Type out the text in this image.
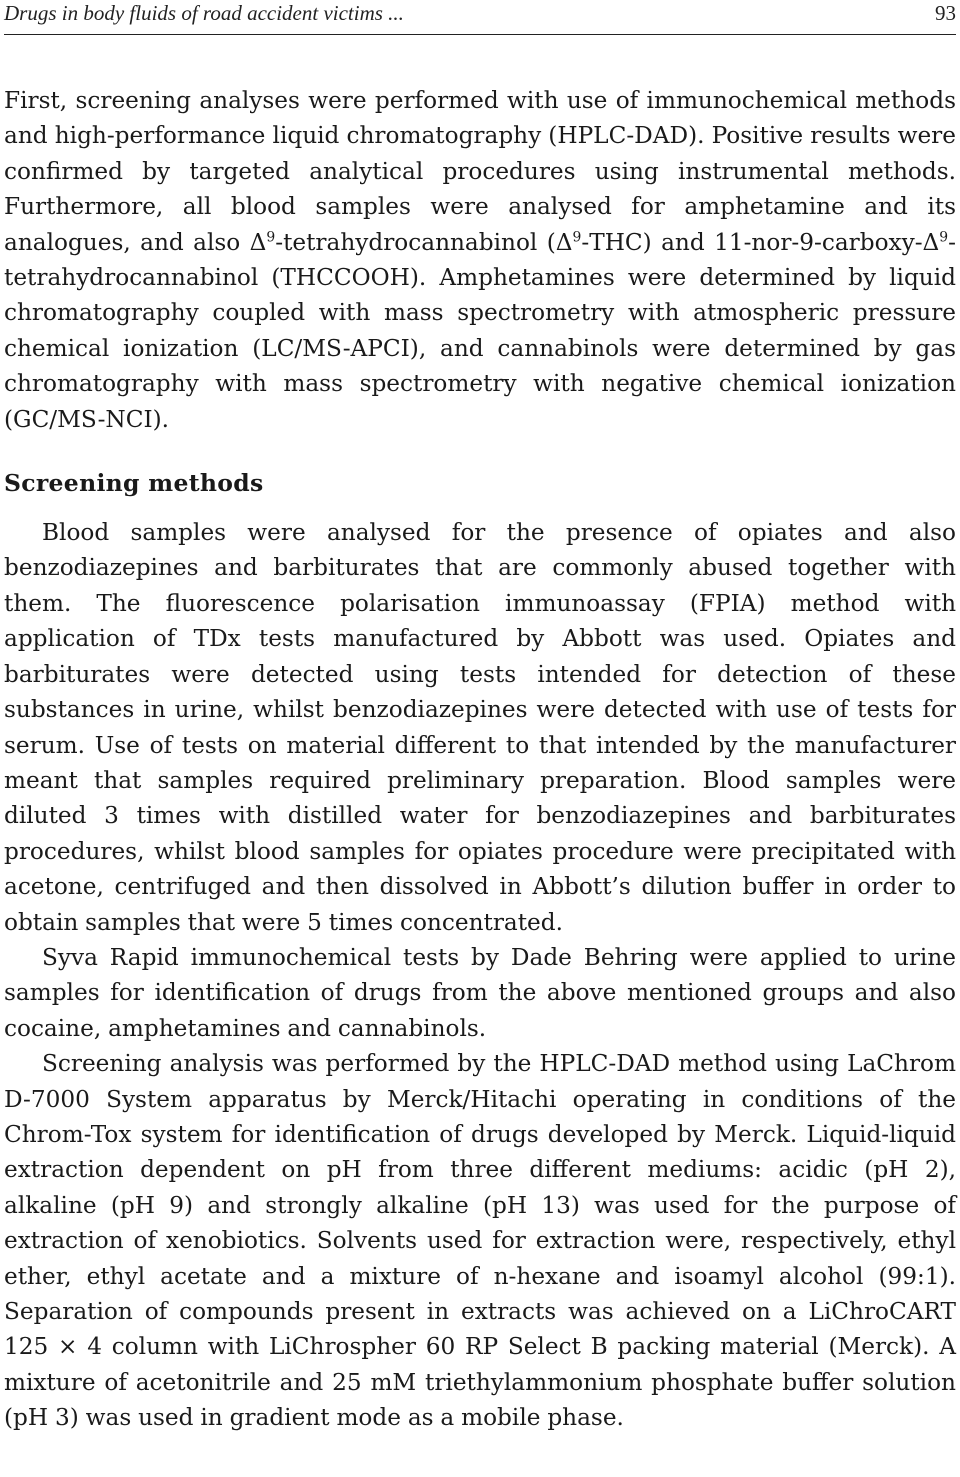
Drugs in body fluids of road accident victims ...	93

First, screening analyses were performed with use of immunochemical methods and high-performance liquid chromatography (HPLC-DAD). Positive results were confirmed by targeted analytical procedures using instrumental methods. Furthermore, all blood samples were analysed for amphetamine and its analogues, and also $\Delta^9$-tetrahydrocannabinol $(\Delta^9-THC)$ and $11-nor-9-carboxy-\Delta^9$-tetrahydrocannabinol (THCCOOH). Amphetamines were determined by liquid chromatography coupled with mass spectrometry with atmospheric pressure chemical ionization (LC/MS-APCI), and cannabinols were determined by gas chromatography with mass spectrometry with negative chemical ionization (GC/MS-NCI).

Screening methods

Blood samples were analysed for the presence of opiates and also benzodiazepines and barbiturates that are commonly abused together with them. The fluorescence polarisation immunoassay (FPIA) method with application of TDx tests manufactured by Abbott was used. Opiates and barbiturates were detected using tests intended for detection of these substances in urine, whilst benzodiazepines were detected with use of tests for serum. Use of tests on material different to that intended by the manufacturer meant that samples required preliminary preparation. Blood samples were diluted 3 times with distilled water for benzodiazepines and barbiturates procedures, whilst blood samples for opiates procedure were precipitated with acetone, centrifuged and then dissolved in Abbott’s dilution buffer in order to obtain samples that were 5 times concentrated.

Syva Rapid immunochemical tests by Dade Behring were applied to urine samples for identification of drugs from the above mentioned groups and also cocaine, amphetamines and cannabinols.

Screening analysis was performed by the HPLC-DAD method using LaChrom D-7000 System apparatus by Merck/Hitachi operating in conditions of the Chrom-Tox system for identification of drugs developed by Merck. Liquid-liquid extraction dependent on pH from three different mediums: acidic (pH 2), alkaline (pH 9) and strongly alkaline (pH 13) was used for the purpose of extraction of xenobiotics. Solvents used for extraction were, respectively, ethyl ether, ethyl acetate and a mixture of n-hexane and isoamyl alcohol (99:1). Separation of compounds present in extracts was achieved on a LiChroCART 125 × 4 column with LiChrospher 60 RP Select B packing material (Merck). A mixture of acetonitrile and 25 mM triethylammonium phosphate buffer solution (pH 3) was used in gradient mode as a mobile phase.
